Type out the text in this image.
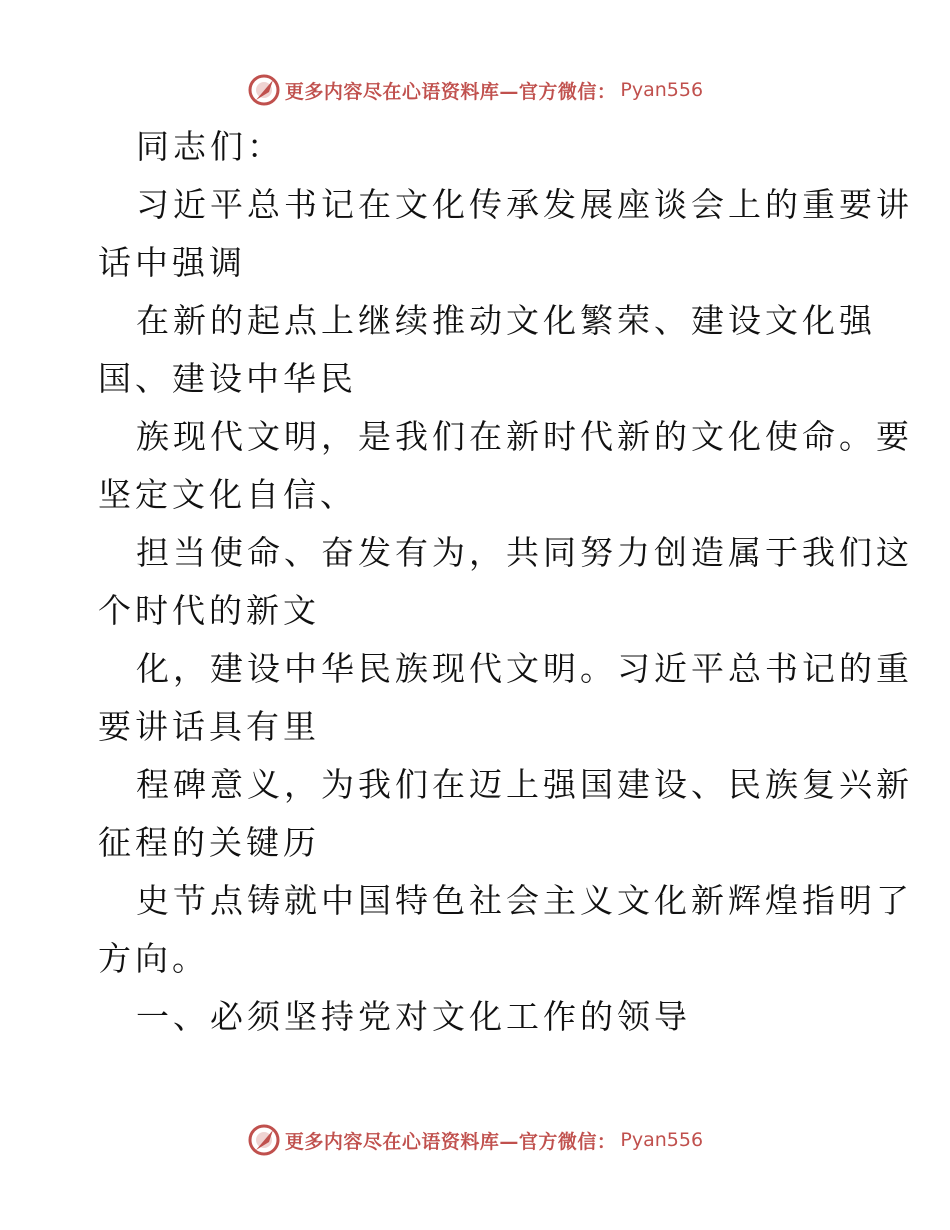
更多内容尽在心语资料库—官方微信： Pyan556

同志们：

习近平总书记在文化传承发展座谈会上的重要讲

话中强调

在新的起点上继续推动文化繁荣、建设文化强

国、建设中华民

族现代文明，是我们在新时代新的文化使命。要

坚定文化自信、

担当使命、奋发有为，共同努力创造属于我们这

个时代的新文

化，建设中华民族现代文明。习近平总书记的重

要讲话具有里

程碑意义，为我们在迈上强国建设、民族复兴新

征程的关键历

史节点铸就中国特色社会主义文化新辉煌指明了

方向。

一、必须坚持党对文化工作的领导

更多内容尽在心语资料库—官方微信： Pyan556
